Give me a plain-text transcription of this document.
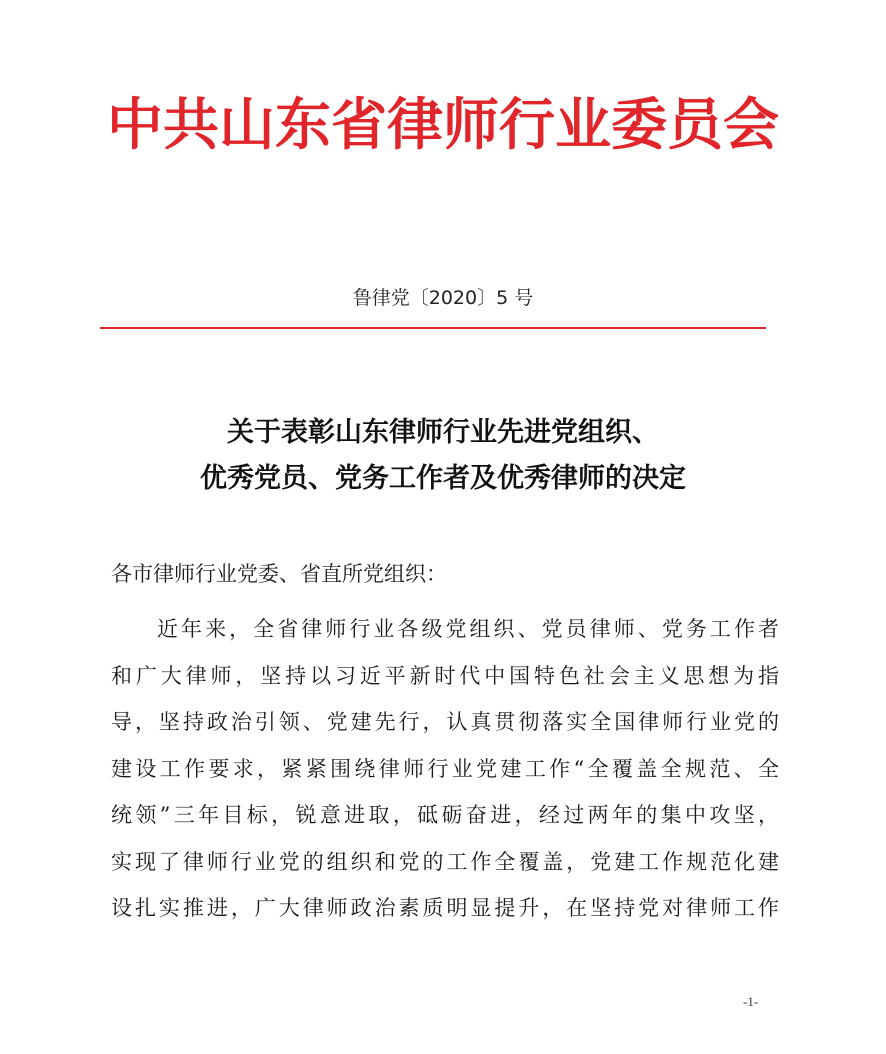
中共山东省律师行业委员会
鲁律党〔2020〕5 号
关于表彰山东律师行业先进党组织、
优秀党员、党务工作者及优秀律师的决定
各市律师行业党委、省直所党组织：
近年来，全省律师行业各级党组织、党员律师、党务工作者
和广大律师，坚持以习近平新时代中国特色社会主义思想为指
导，坚持政治引领、党建先行，认真贯彻落实全国律师行业党的
建设工作要求，紧紧围绕律师行业党建工作“全覆盖全规范、全
统领”三年目标，锐意进取，砥砺奋进，经过两年的集中攻坚，
实现了律师行业党的组织和党的工作全覆盖，党建工作规范化建
设扎实推进，广大律师政治素质明显提升，在坚持党对律师工作
-1-
